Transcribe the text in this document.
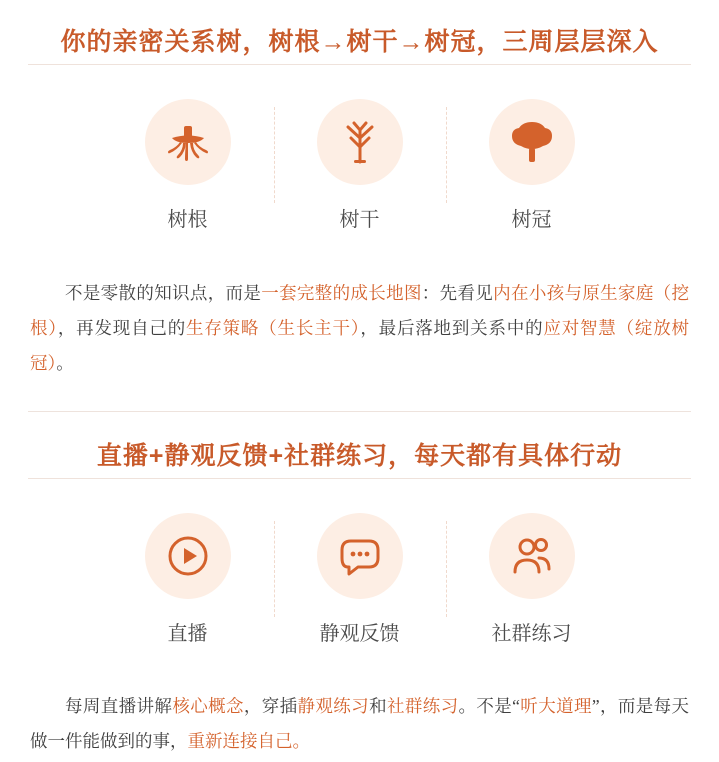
你的亲密关系树，树根→树干→树冠，三周层层深入
树根	树干	树冠

不是零散的知识点，而是一套完整的成长地图：先看见内在小孩与原生家庭（挖根），再发现自己的生存策略（生长主干），最后落地到关系中的应对智慧（绽放树冠）。

直播+静观反馈+社群练习，每天都有具体行动
直播	静观反馈	社群练习

每周直播讲解核心概念，穿插静观练习和社群练习。不是“听大道理”，而是每天做一件能做到的事，重新连接自己。
